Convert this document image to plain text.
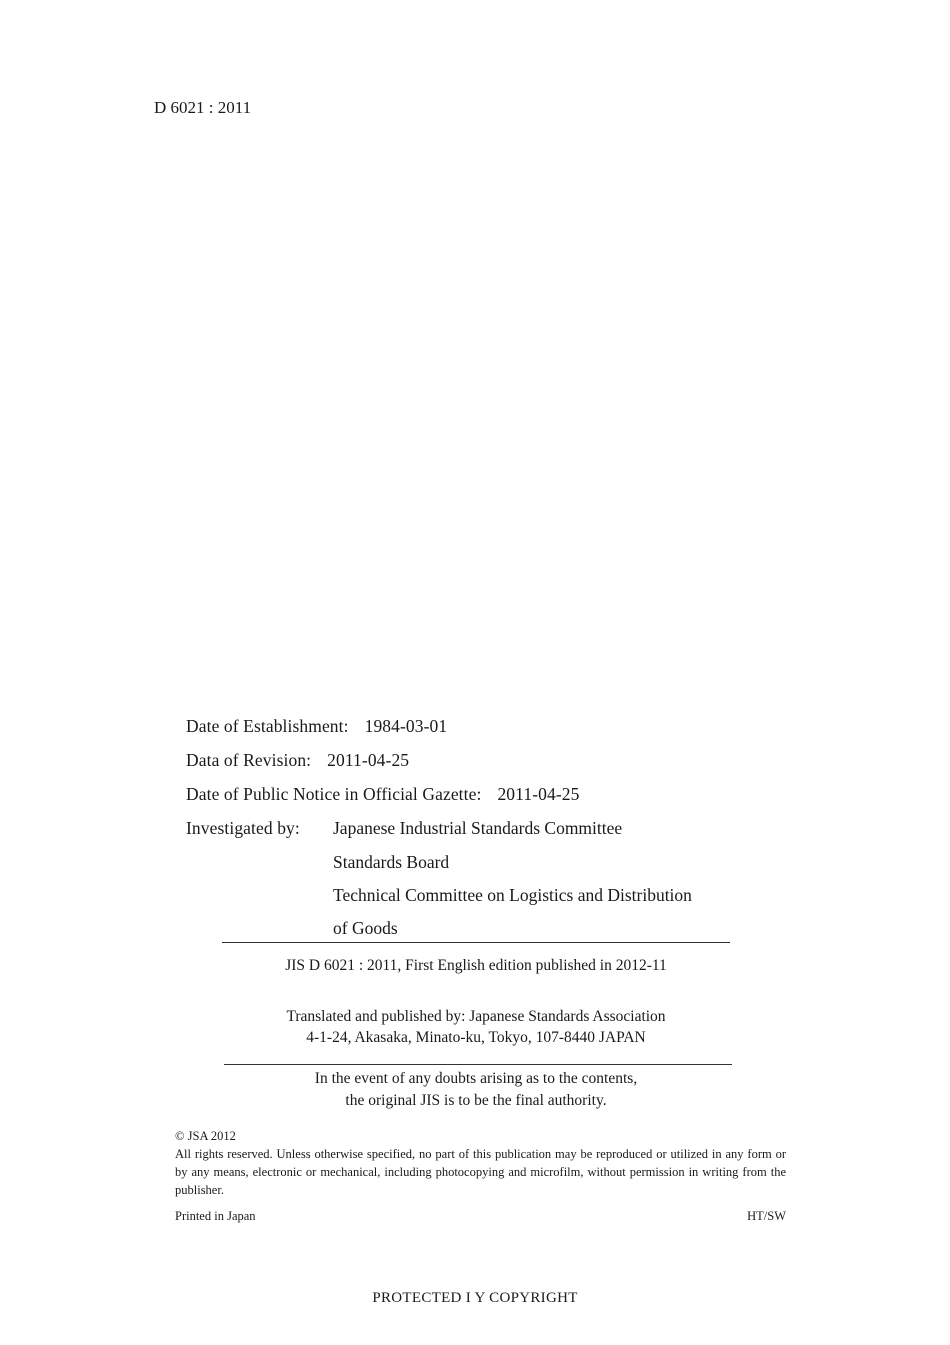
D 6021 : 2011
Date of Establishment: 1984-03-01
Data of Revision: 2011-04-25
Date of Public Notice in Official Gazette: 2011-04-25
Investigated by: Japanese Industrial Standards Committee
Standards Board
Technical Committee on Logistics and Distribution
of Goods
JIS D 6021 : 2011, First English edition published in 2012-11
Translated and published by: Japanese Standards Association
4-1-24, Akasaka, Minato-ku, Tokyo, 107-8440 JAPAN
In the event of any doubts arising as to the contents,
the original JIS is to be the final authority.
© JSA 2012
All rights reserved. Unless otherwise specified, no part of this publication may be reproduced or utilized in any form or by any means, electronic or mechanical, including photocopying and microfilm, without permission in writing from the publisher.
Printed in Japan	HT/SW
PROTECTED I Y COPYRIGHT
